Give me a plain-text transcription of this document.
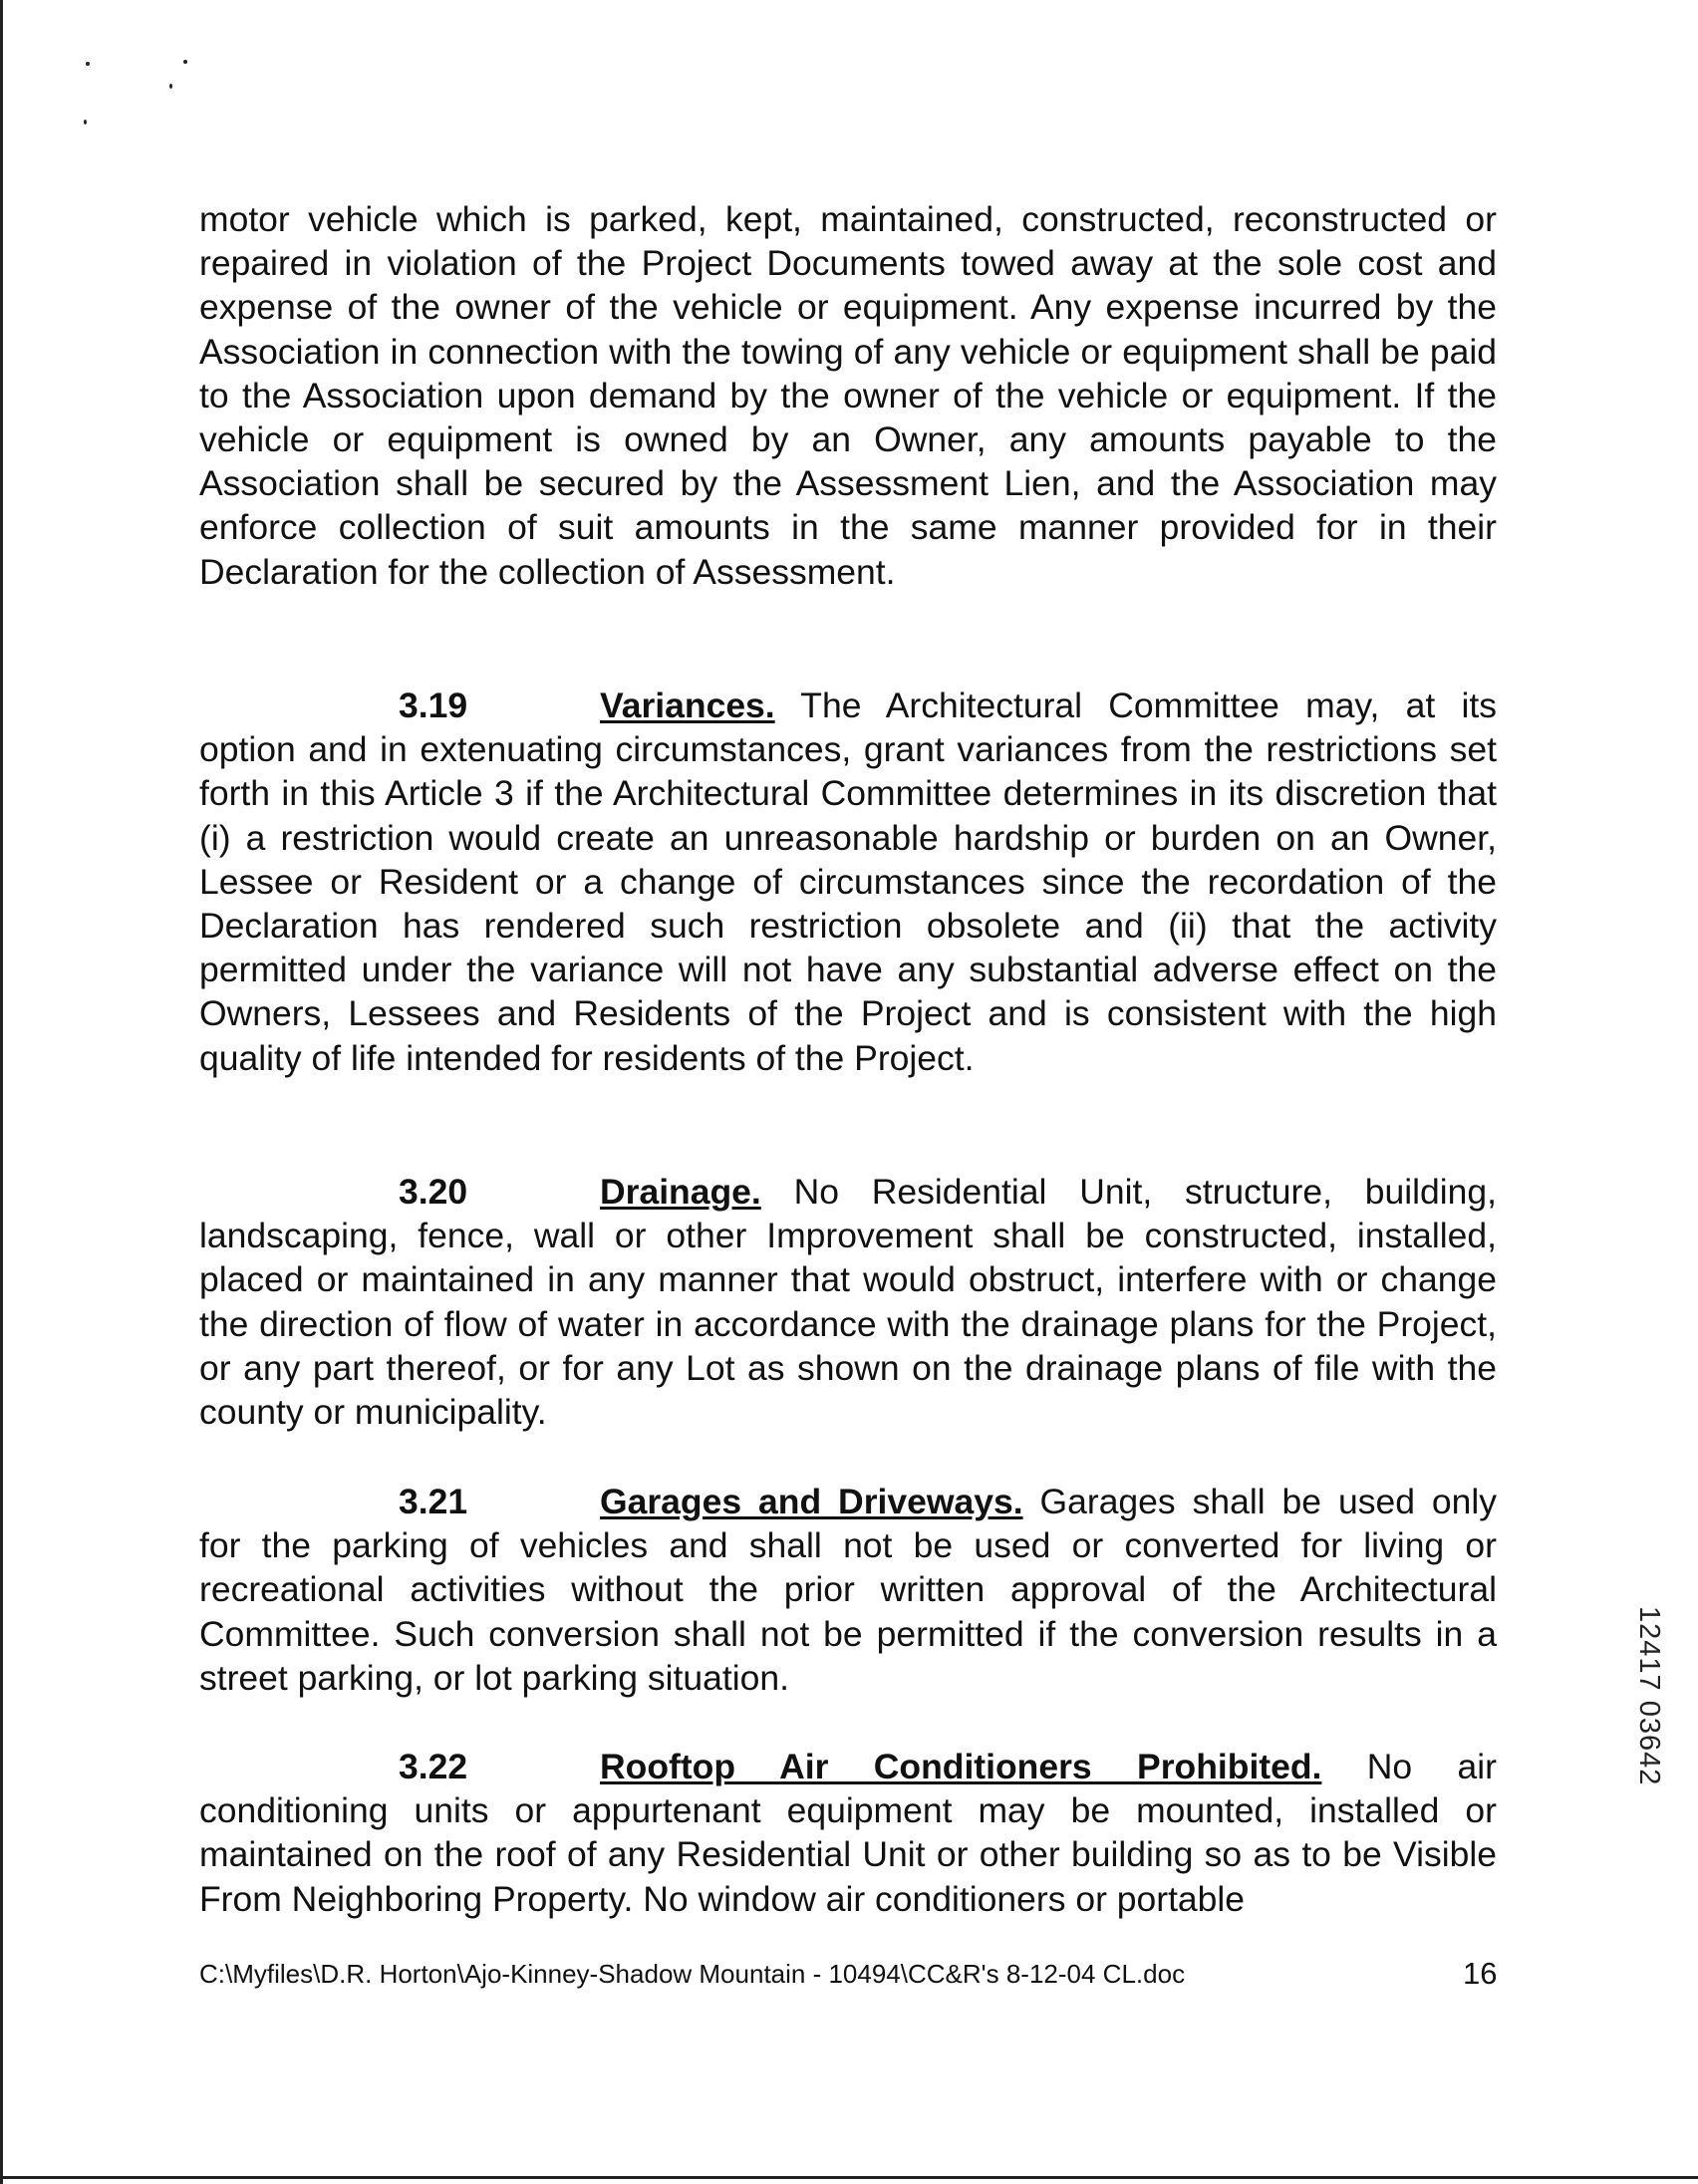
motor vehicle which is parked, kept, maintained, constructed, reconstructed or repaired in violation of the Project Documents towed away at the sole cost and expense of the owner of the vehicle or equipment. Any expense incurred by the Association in connection with the towing of any vehicle or equipment shall be paid to the Association upon demand by the owner of the vehicle or equipment. If the vehicle or equipment is owned by an Owner, any amounts payable to the Association shall be secured by the Assessment Lien, and the Association may enforce collection of suit amounts in the same manner provided for in their Declaration for the collection of Assessment.

3.19	Variances. The Architectural Committee may, at its option and in extenuating circumstances, grant variances from the restrictions set forth in this Article 3 if the Architectural Committee determines in its discretion that (i) a restriction would create an unreasonable hardship or burden on an Owner, Lessee or Resident or a change of circumstances since the recordation of the Declaration has rendered such restriction obsolete and (ii) that the activity permitted under the variance will not have any substantial adverse effect on the Owners, Lessees and Residents of the Project and is consistent with the high quality of life intended for residents of the Project.

3.20	Drainage. No Residential Unit, structure, building, landscaping, fence, wall or other Improvement shall be constructed, installed, placed or maintained in any manner that would obstruct, interfere with or change the direction of flow of water in accordance with the drainage plans for the Project, or any part thereof, or for any Lot as shown on the drainage plans of file with the county or municipality.

3.21	Garages and Driveways. Garages shall be used only for the parking of vehicles and shall not be used or converted for living or recreational activities without the prior written approval of the Architectural Committee. Such conversion shall not be permitted if the conversion results in a street parking, or lot parking situation.

3.22	Rooftop Air Conditioners Prohibited. No air conditioning units or appurtenant equipment may be mounted, installed or maintained on the roof of any Residential Unit or other building so as to be Visible From Neighboring Property. No window air conditioners or portable

C:\Myfiles\D.R. Horton\Ajo-Kinney-Shadow Mountain - 10494\CC&R's 8-12-04 CL.doc	16

12417 03642
